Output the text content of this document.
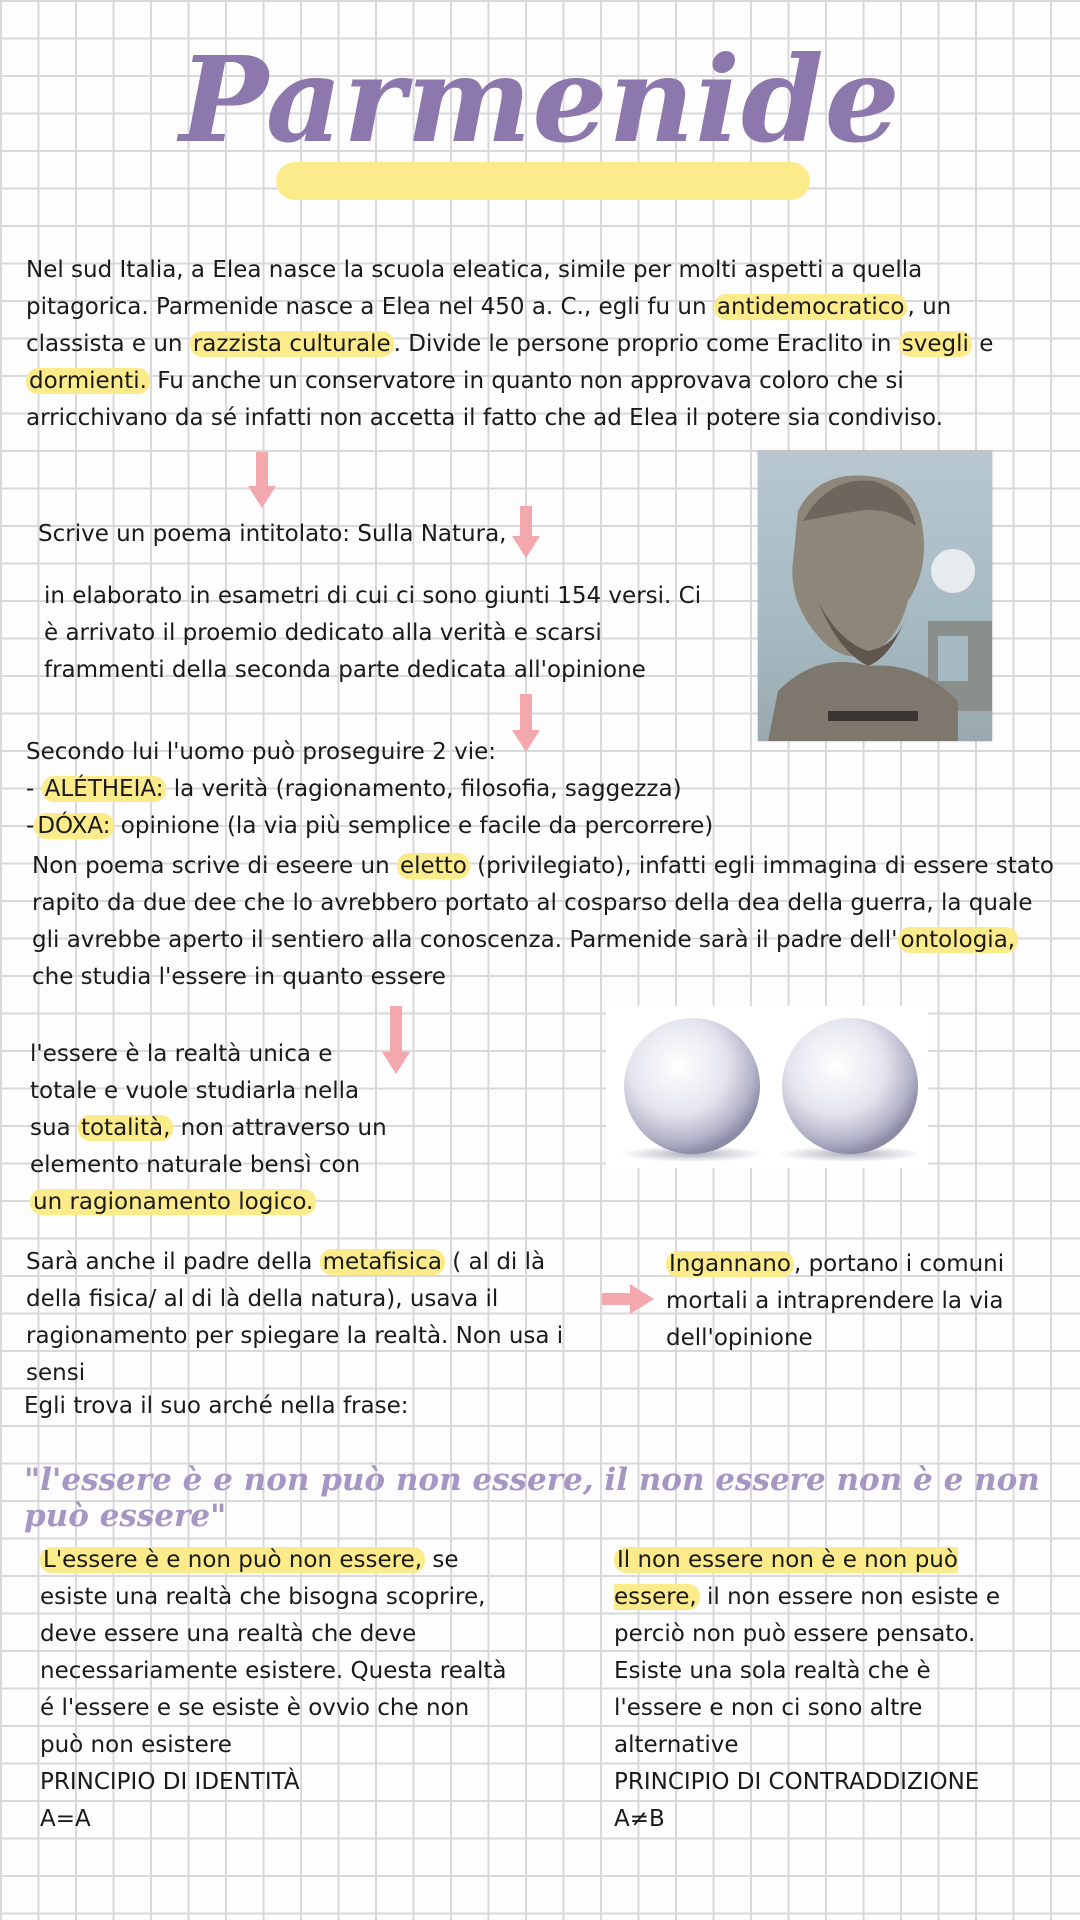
Parmenide
Nel sud Italia, a Elea nasce la scuola eleatica, simile per molti aspetti a quella pitagorica. Parmenide nasce a Elea nel 450 a. C., egli fu un antidemocratico , un classista e un razzista culturale . Divide le persone proprio come Eraclito in svegli e dormienti. Fu anche un conservatore in quanto non approvava coloro che si arricchivano da sé infatti non accetta il fatto che ad Elea il potere sia condiviso.
Scrive un poema intitolato: Sulla Natura,
in elaborato in esametri di cui ci sono giunti 154 versi. Ci è arrivato il proemio dedicato alla verità e scarsi frammenti della seconda parte dedicata all'opinione
Secondo lui l'uomo può proseguire 2 vie:
- ALÉTHEIA: la verità (ragionamento, filosofia, saggezza)
- DÓXA: opinione (la via più semplice e facile da percorrere)
Non poema scrive di eseere un eletto (privilegiato), infatti egli immagina di essere stato rapito da due dee che lo avrebbero portato al cosparso della dea della guerra, la quale gli avrebbe aperto il sentiero alla conoscenza. Parmenide sarà il padre dell' ontologia, che studia l'essere in quanto essere
l'essere è la realtà unica e totale e vuole studiarla nella sua totalità, non attraverso un elemento naturale bensì con un ragionamento logico.
Sarà anche il padre della metafisica ( al di là della fisica/ al di là della natura), usava il ragionamento per spiegare la realtà. Non usa i sensi
Ingannano , portano i comuni mortali a intraprendere la via dell'opinione
Egli trova il suo arché nella frase:
"l'essere è e non può non essere, il non essere non è e non può essere"
L'essere è e non può non essere, se esiste una realtà che bisogna scoprire, deve essere una realtà che deve necessariamente esistere. Questa realtà é l'essere e se esiste è ovvio che non può non esistere
PRINCIPIO DI IDENTITÀ
A=A
Il non essere non è e non può essere, il non essere non esiste e perciò non può essere pensato. Esiste una sola realtà che è l'essere e non ci sono altre alternative
PRINCIPIO DI CONTRADDIZIONE
A≠B
